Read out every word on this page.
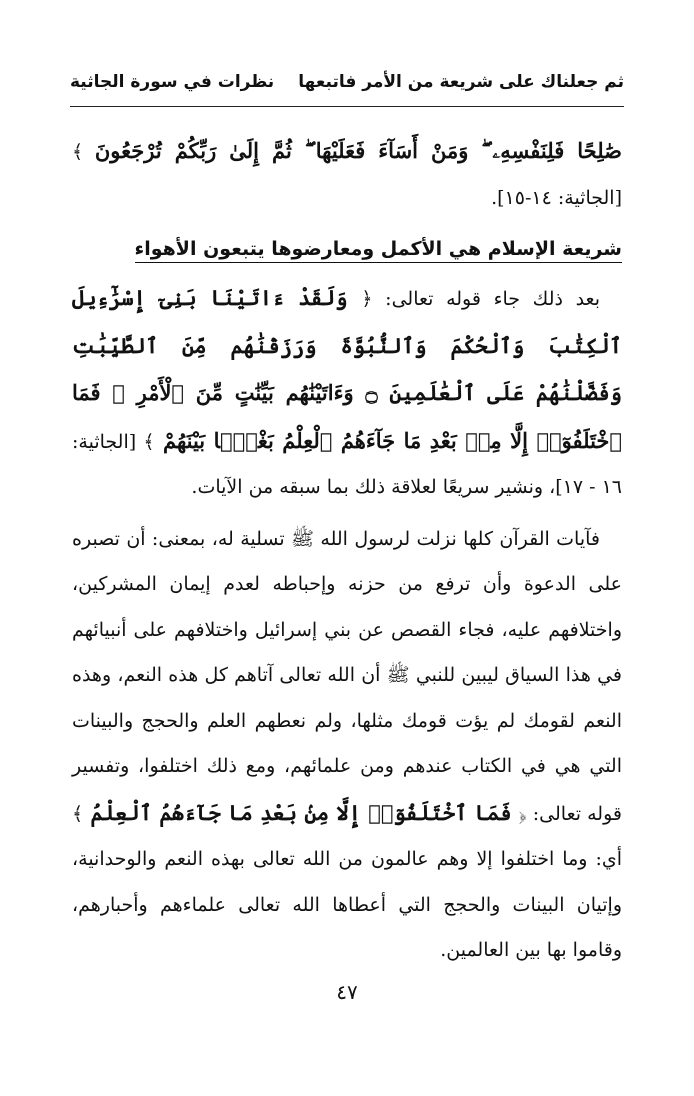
ثم جعلناك على شريعة من الأمر فاتبعها
نظرات في سورة الجاثية

صَٰلِحًا فَلِنَفْسِهِۦ ۖ وَمَنْ أَسَآءَ فَعَلَيْهَا ۖ ثُمَّ إِلَىٰ رَبِّكُمْ تُرْجَعُونَ ﴾ [الجاثية: ١٤-١٥].

شريعة الإسلام هي الأكمل ومعارضوها يتبعون الأهواء

بعد ذلك جاء قوله تعالى: ﴿ وَلَقَدْ ءَاتَيْنَا بَنِىٓ إِسْرَٰٓءِيلَ ٱلْكِتَٰبَ وَٱلْحُكْمَ وَٱلنُّبُوَّةَ وَرَزَقْنَٰهُم مِّنَ ٱلطَّيِّبَٰتِ وَفَضَّلْنَٰهُمْ عَلَى ٱلْعَٰلَمِينَ ۝ وَءَاتَيْنَٰهُم بَيِّنَٰتٍ مِّنَ ٱلْأَمْرِ ۖ فَمَا ٱخْتَلَفُوٓا۟ إِلَّا مِنۢ بَعْدِ مَا جَآءَهُمُ ٱلْعِلْمُ بَغْيًۢا بَيْنَهُمْ ﴾ [الجاثية: ١٦ - ١٧]، ونشير سريعًا لعلاقة ذلك بما سبقه من الآيات.

فآيات القرآن كلها نزلت لرسول الله ﷺ تسلية له، بمعنى: أن تصبره على الدعوة وأن ترفع من حزنه وإحباطه لعدم إيمان المشركين، واختلافهم عليه، فجاء القصص عن بني إسرائيل واختلافهم على أنبيائهم في هذا السياق ليبين للنبي ﷺ أن الله تعالى آتاهم كل هذه النعم، وهذه النعم لقومك لم يؤت قومك مثلها، ولم نعطهم العلم والحجج والبينات التي هي في الكتاب عندهم ومن علمائهم، ومع ذلك اختلفوا، وتفسير قوله تعالى: ﴿ فَمَا ٱخْتَلَفُوٓا۟ إِلَّا مِنۢ بَعْدِ مَا جَآءَهُمُ ٱلْعِلْمُ ﴾ أي: وما اختلفوا إلا وهم عالمون من الله تعالى بهذه النعم والوحدانية، وإتيان البينات والحجج التي أعطاها الله تعالى علماءهم وأحبارهم، وقاموا بها بين العالمين.

٤٧
